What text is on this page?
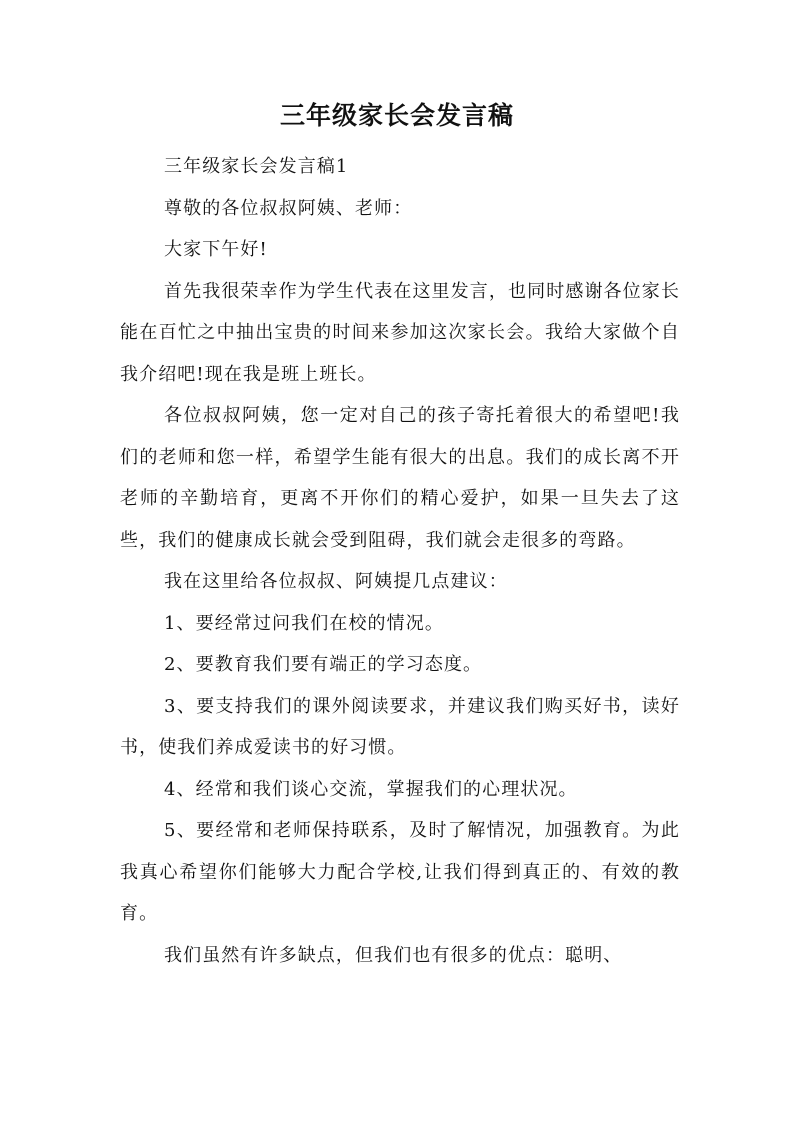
三年级家长会发言稿

三年级家长会发言稿1

尊敬的各位叔叔阿姨、老师：

大家下午好!

首先我很荣幸作为学生代表在这里发言，也同时感谢各位家长能在百忙之中抽出宝贵的时间来参加这次家长会。我给大家做个自我介绍吧!现在我是班上班长。

各位叔叔阿姨，您一定对自己的孩子寄托着很大的希望吧!我们的老师和您一样，希望学生能有很大的出息。我们的成长离不开老师的辛勤培育，更离不开你们的精心爱护，如果一旦失去了这些，我们的健康成长就会受到阻碍，我们就会走很多的弯路。

我在这里给各位叔叔、阿姨提几点建议：

1、要经常过问我们在校的情况。

2、要教育我们要有端正的学习态度。

3、要支持我们的课外阅读要求，并建议我们购买好书，读好书，使我们养成爱读书的好习惯。

4、经常和我们谈心交流，掌握我们的心理状况。

5、要经常和老师保持联系，及时了解情况，加强教育。为此我真心希望你们能够大力配合学校,让我们得到真正的、有效的教育。

我们虽然有许多缺点，但我们也有很多的优点：聪明、
